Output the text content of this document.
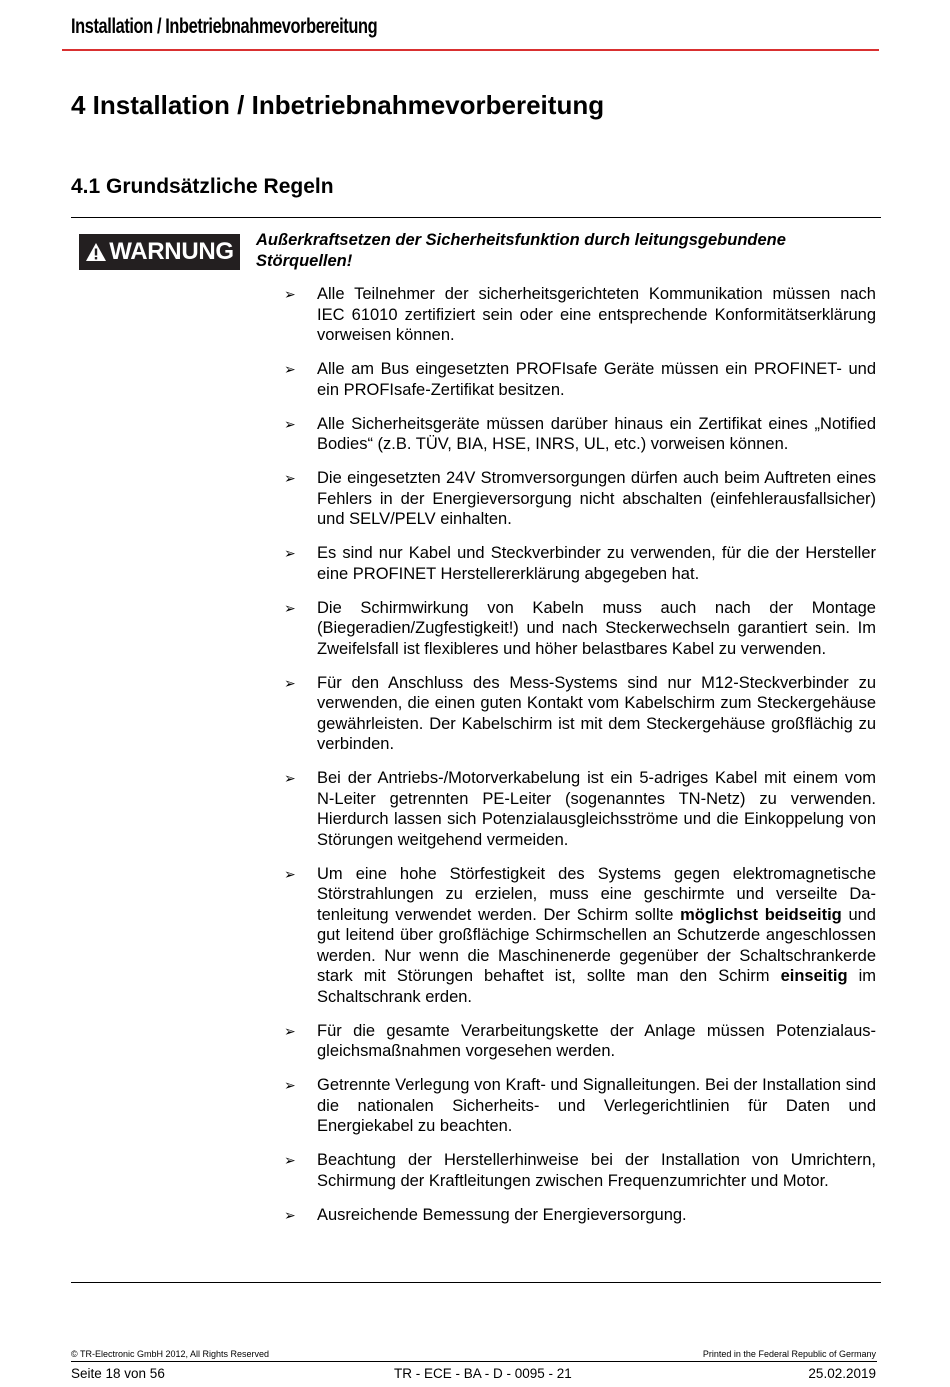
Installation / Inbetriebnahmevorbereitung
4 Installation / Inbetriebnahmevorbereitung
4.1 Grundsätzliche Regeln
WARNUNG Außerkraftsetzen der Sicherheitsfunktion durch leitungsgebundene Störquellen!
➢ Alle Teilnehmer der sicherheitsgerichteten Kommunikation müssen nach IEC 61010 zertifiziert sein oder eine entsprechende Konformitätserklärung vorweisen können.
➢ Alle am Bus eingesetzten PROFIsafe Geräte müssen ein PROFINET- und ein PROFIsafe-Zertifikat besitzen.
➢ Alle Sicherheitsgeräte müssen darüber hinaus ein Zertifikat eines „Notified Bodies“ (z.B. TÜV, BIA, HSE, INRS, UL, etc.) vorweisen können.
➢ Die eingesetzten 24V Stromversorgungen dürfen auch beim Auftreten eines Fehlers in der Energieversorgung nicht abschalten (einfehlerausfallsicher) und SELV/PELV einhalten.
➢ Es sind nur Kabel und Steckverbinder zu verwenden, für die der Hersteller eine PROFINET Herstellererklärung abgegeben hat.
➢ Die Schirmwirkung von Kabeln muss auch nach der Montage (Biegeradien/Zugfestigkeit!) und nach Steckerwechseln garantiert sein. Im Zweifelsfall ist flexibleres und höher belastbares Kabel zu verwenden.
➢ Für den Anschluss des Mess-Systems sind nur M12-Steckverbinder zu verwenden, die einen guten Kontakt vom Kabelschirm zum Steckergehäuse gewährleisten. Der Kabelschirm ist mit dem Steckergehäuse großflächig zu verbinden.
➢ Bei der Antriebs-/Motorverkabelung ist ein 5-adriges Kabel mit einem vom N-Leiter getrennten PE-Leiter (sogenanntes TN-Netz) zu verwenden. Hierdurch lassen sich Potenzialausgleichsströme und die Einkoppelung von Störungen weitgehend vermeiden.
➢ Um eine hohe Störfestigkeit des Systems gegen elektromagnetische Störstrahlungen zu erzielen, muss eine geschirmte und verseilte Datenleitung verwendet werden. Der Schirm sollte möglichst beidseitig und gut leitend über großflächige Schirmschellen an Schutzerde angeschlossen werden. Nur wenn die Maschinenerde gegenüber der Schaltschrankerde stark mit Störungen behaftet ist, sollte man den Schirm einseitig im Schaltschrank erden.
➢ Für die gesamte Verarbeitungskette der Anlage müssen Potenzialausgleichsmaßnahmen vorgesehen werden.
➢ Getrennte Verlegung von Kraft- und Signalleitungen. Bei der Installation sind die nationalen Sicherheits- und Verlegerichtlinien für Daten und Energiekabel zu beachten.
➢ Beachtung der Herstellerhinweise bei der Installation von Umrichtern, Schirmung der Kraftleitungen zwischen Frequenzumrichter und Motor.
➢ Ausreichende Bemessung der Energieversorgung.
© TR-Electronic GmbH 2012, All Rights Reserved	Printed in the Federal Republic of Germany
Seite 18 von 56	TR - ECE - BA - D - 0095 - 21	25.02.2019
